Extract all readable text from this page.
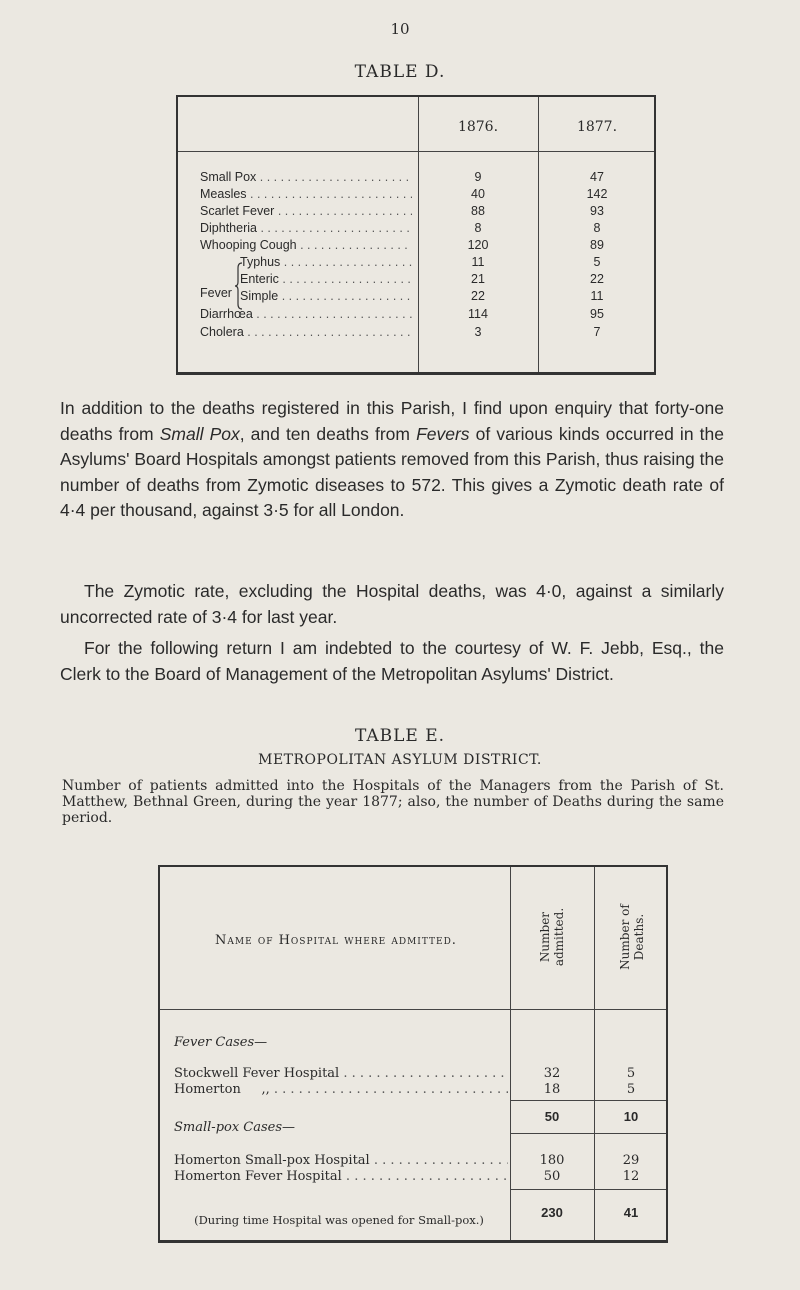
10
TABLE D.
1876.	1877.
Small Pox . . .	9	47
Measles . . .	40	142
Scarlet Fever . . .	88	93
Diphtheria . . .	8	8
Whooping Cough . . .	120	89
Fever
Typhus . . .	11	5
Enteric . . .	21	22
Simple . . .	22	11
Diarrhœa . . .	114	95
Cholera . . .	3	7
In addition to the deaths registered in this Parish, I find upon enquiry that forty-one deaths from Small Pox, and ten deaths from Fevers of various kinds occurred in the Asylums' Board Hospitals amongst patients removed from this Parish, thus raising the number of deaths from Zymotic diseases to 572. This gives a Zymotic death rate of 4·4 per thousand, against 3·5 for all London.
The Zymotic rate, excluding the Hospital deaths, was 4·0, against a similarly uncorrected rate of 3·4 for last year.
For the following return I am indebted to the courtesy of W. F. Jebb, Esq., the Clerk to the Board of Management of the Metropolitan Asylums' District.
TABLE E.
METROPOLITAN ASYLUM DISTRICT.
Number of patients admitted into the Hospitals of the Managers from the Parish of St. Matthew, Bethnal Green, during the year 1877; also, the number of Deaths during the same period.
Name of Hospital where admitted.	Number admitted.	Number of Deaths.
Fever Cases—
Stockwell Fever Hospital . . .	32	5
Homerton     ,, . . .	18	5
50	10
Small-pox Cases—
Homerton Small-pox Hospital . . .	180	29
Homerton Fever Hospital . . .	50	12
(During time Hospital was opened for Small-pox.)	230	41
